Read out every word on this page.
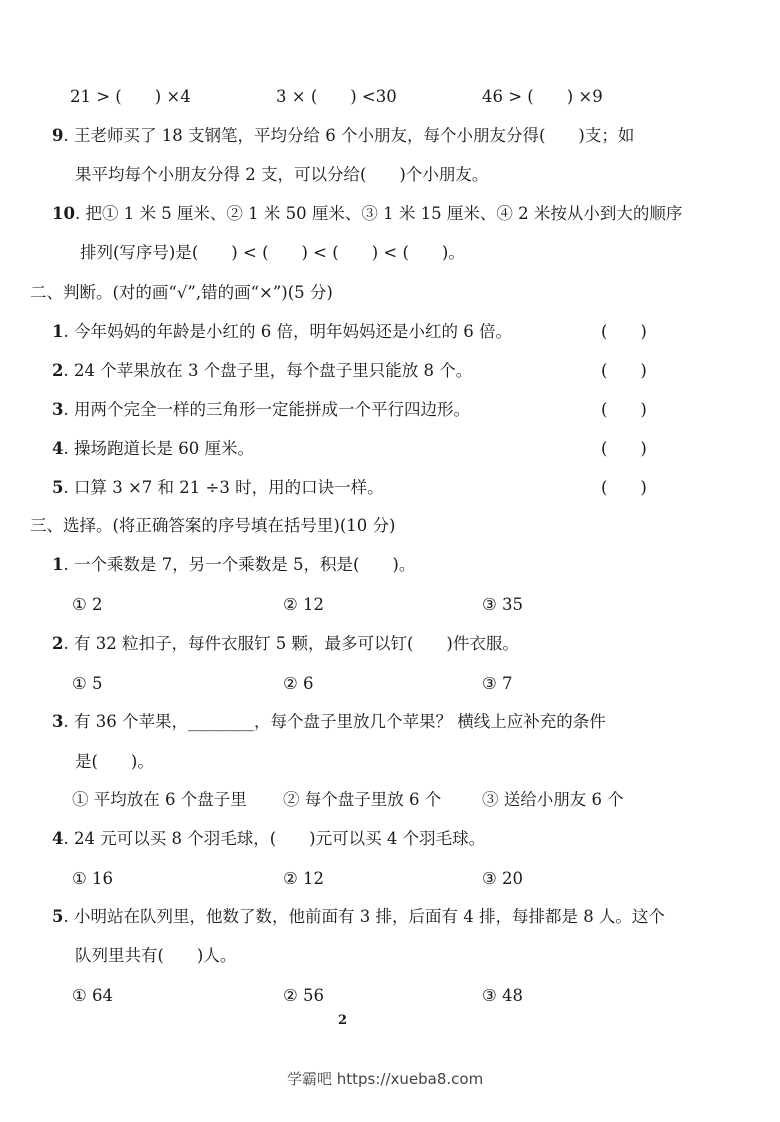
21 > (　　) ×4	3 × (　　) <30	46 > (　　) ×9
9. 王老师买了 18 支钢笔，平均分给 6 个小朋友，每个小朋友分得(　　)支；如
果平均每个小朋友分得 2 支，可以分给(　　)个小朋友。
10. 把① 1 米 5 厘米、② 1 米 50 厘米、③ 1 米 15 厘米、④ 2 米按从小到大的顺序
排列(写序号)是(　　) < (　　) < (　　) < (　　)。
二、判断。(对的画“√”,错的画“×”)(5 分)
1. 今年妈妈的年龄是小红的 6 倍，明年妈妈还是小红的 6 倍。	(　　)
2. 24 个苹果放在 3 个盘子里，每个盘子里只能放 8 个。	(　　)
3. 用两个完全一样的三角形一定能拼成一个平行四边形。	(　　)
4. 操场跑道长是 60 厘米。	(　　)
5. 口算 3 ×7 和 21 ÷3 时，用的口诀一样。	(　　)
三、选择。(将正确答案的序号填在括号里)(10 分)
1. 一个乘数是 7，另一个乘数是 5，积是(　　)。
① 2	② 12	③ 35
2. 有 32 粒扣子，每件衣服钉 5 颗，最多可以钉(　　)件衣服。
① 5	② 6	③ 7
3. 有 36 个苹果，________，每个盘子里放几个苹果？ 横线上应补充的条件
是(　　)。
① 平均放在 6 个盘子里 ② 每个盘子里放 6 个 ③ 送给小朋友 6 个
4. 24 元可以买 8 个羽毛球，(　　)元可以买 4 个羽毛球。
① 16	② 12	③ 20
5. 小明站在队列里，他数了数，他前面有 3 排，后面有 4 排，每排都是 8 人。这个
队列里共有(　　)人。
① 64	② 56	③ 48
2
学霸吧 https://xueba8.com
